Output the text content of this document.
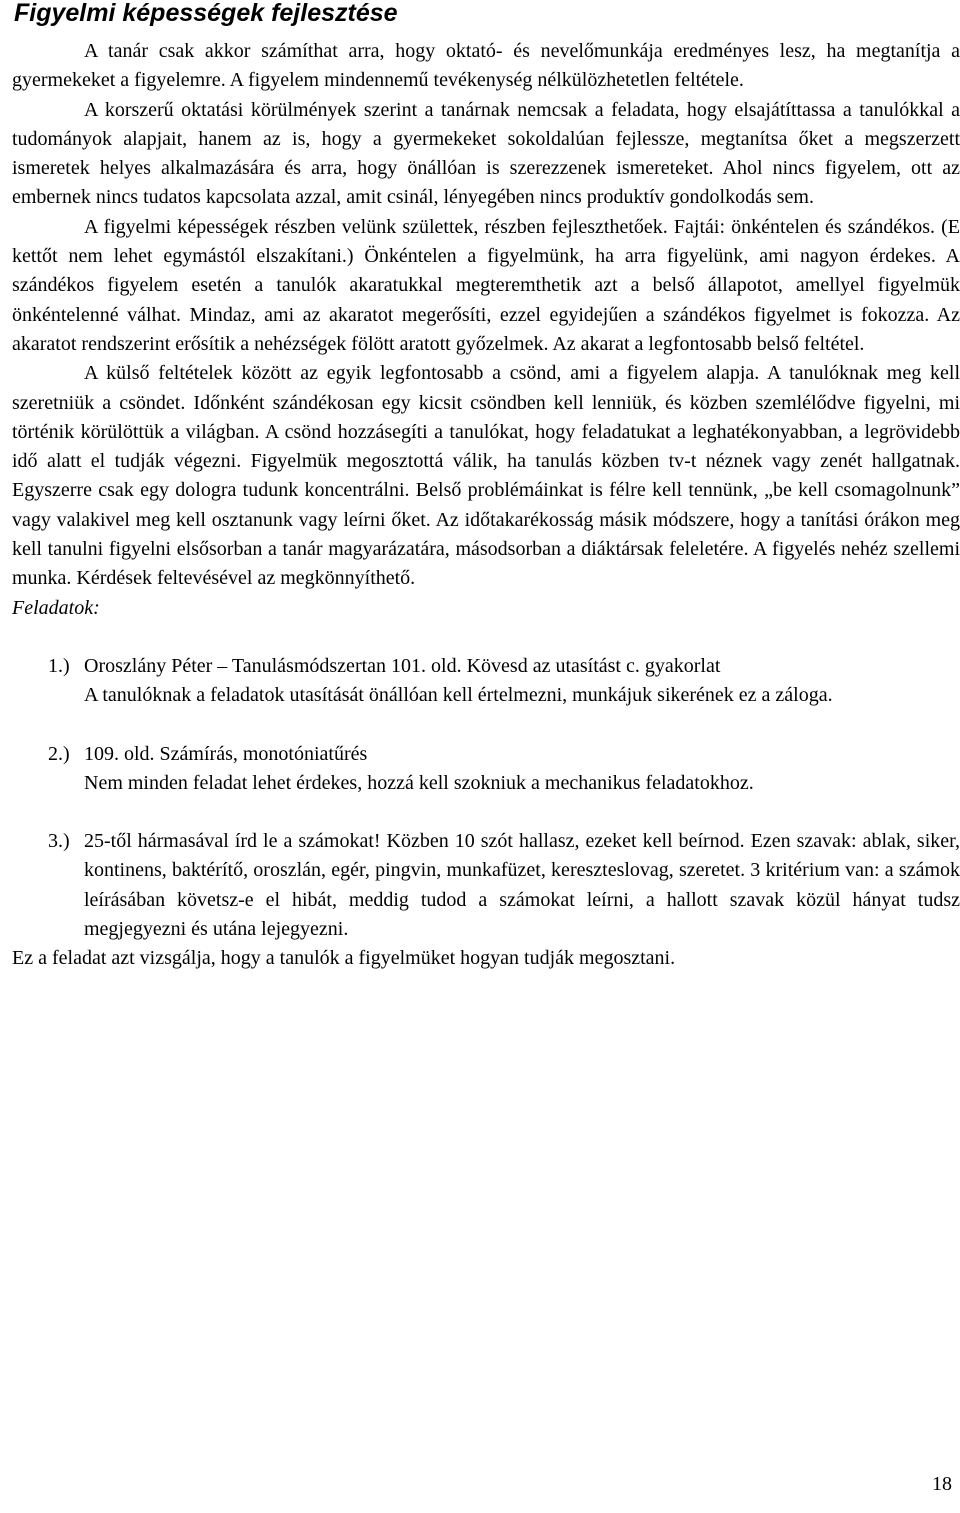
Figyelmi képességek fejlesztése

A tanár csak akkor számíthat arra, hogy oktató- és nevelőmunkája eredményes lesz, ha megtanítja a gyermekeket a figyelemre. A figyelem mindennemű tevékenység nélkülözhetetlen feltétele.

A korszerű oktatási körülmények szerint a tanárnak nemcsak a feladata, hogy elsajátíttassa a tanulókkal a tudományok alapjait, hanem az is, hogy a gyermekeket sokoldalúan fejlessze, megtanítsa őket a megszerzett ismeretek helyes alkalmazására és arra, hogy önállóan is szerezzenek ismereteket. Ahol nincs figyelem, ott az embernek nincs tudatos kapcsolata azzal, amit csinál, lényegében nincs produktív gondolkodás sem.

A figyelmi képességek részben velünk születtek, részben fejleszthetőek. Fajtái: önkéntelen és szándékos. (E kettőt nem lehet egymástól elszakítani.) Önkéntelen a figyelmünk, ha arra figyelünk, ami nagyon érdekes. A szándékos figyelem esetén a tanulók akaratukkal megteremthetik azt a belső állapotot, amellyel figyelmük önkéntelenné válhat. Mindaz, ami az akaratot megerősíti, ezzel egyidejűen a szándékos figyelmet is fokozza. Az akaratot rendszerint erősítik a nehézségek fölött aratott győzelmek. Az akarat a legfontosabb belső feltétel.

A külső feltételek között az egyik legfontosabb a csönd, ami a figyelem alapja. A tanulóknak meg kell szeretniük a csöndet. Időnként szándékosan egy kicsit csöndben kell lenniük, és közben szemlélődve figyelni, mi történik körülöttük a világban. A csönd hozzásegíti a tanulókat, hogy feladatukat a leghatékonyabban, a legrövidebb idő alatt el tudják végezni. Figyelmük megosztottá válik, ha tanulás közben tv-t néznek vagy zenét hallgatnak. Egyszerre csak egy dologra tudunk koncentrálni. Belső problémáinkat is félre kell tennünk, „be kell csomagolnunk” vagy valakivel meg kell osztanunk vagy leírni őket. Az időtakarékosság másik módszere, hogy a tanítási órákon meg kell tanulni figyelni elsősorban a tanár magyarázatára, másodsorban a diáktársak feleletére. A figyelés nehéz szellemi munka. Kérdések feltevésével az megkönnyíthető.

Feladatok:

1.) Oroszlány Péter – Tanulásmódszertan 101. old. Kövesd az utasítást c. gyakorlat
A tanulóknak a feladatok utasítását önállóan kell értelmezni, munkájuk sikerének ez a záloga.
2.) 109. old. Számírás, monotóniatűrés
Nem minden feladat lehet érdekes, hozzá kell szokniuk a mechanikus feladatokhoz.
3.) 25-től hármasával írd le a számokat! Közben 10 szót hallasz, ezeket kell beírnod. Ezen szavak: ablak, siker, kontinens, baktérítő, oroszlán, egér, pingvin, munkafüzet, kereszteslovag, szeretet. 3 kritérium van: a számok leírásában követsz-e el hibát, meddig tudod a számokat leírni, a hallott szavak közül hányat tudsz megjegyezni és utána lejegyezni.

Ez a feladat azt vizsgálja, hogy a tanulók a figyelmüket hogyan tudják megosztani.

18
